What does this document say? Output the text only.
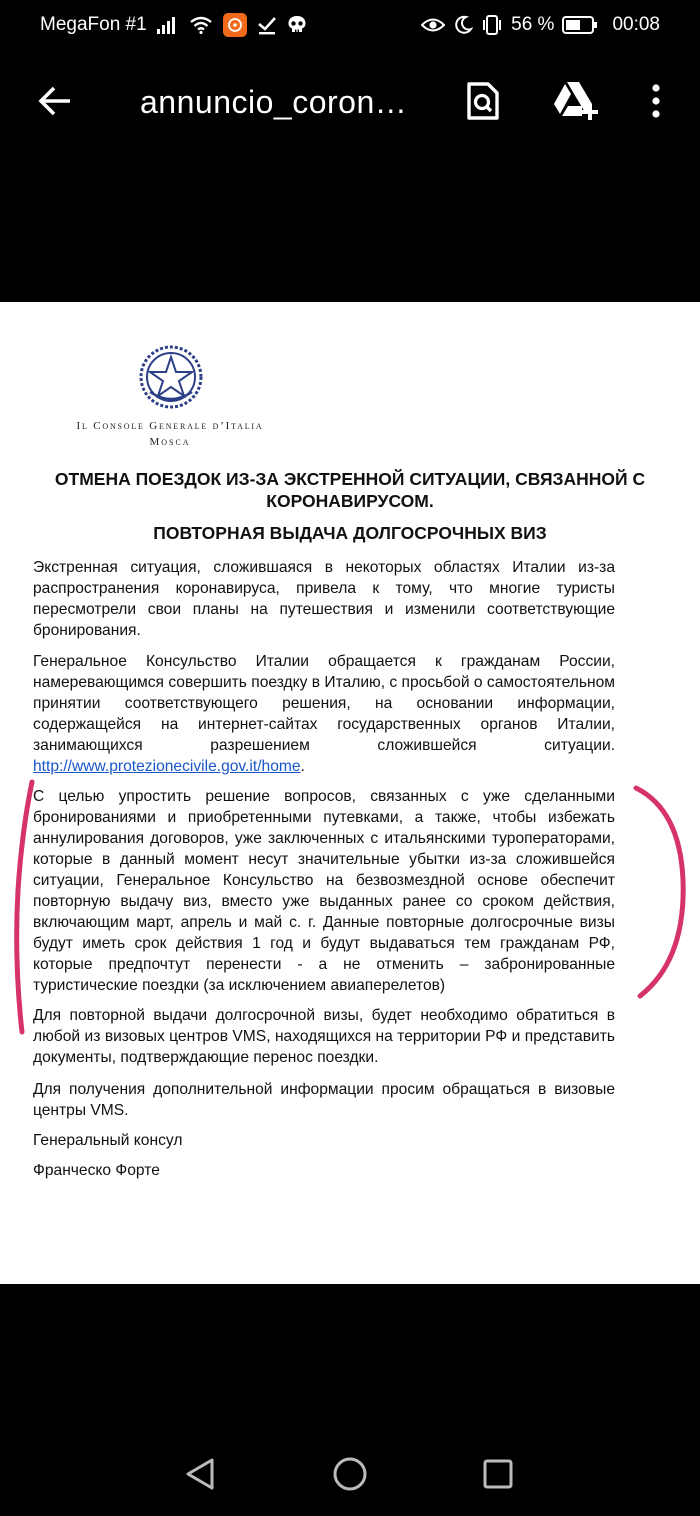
MegaFon #1	56 %	00:08
annuncio_coron…
Il Console Generale d’Italia
Mosca
ОТМЕНА ПОЕЗДОК ИЗ-ЗА ЭКСТРЕННОЙ СИТУАЦИИ, СВЯЗАННОЙ С КОРОНАВИРУСОМ.
ПОВТОРНАЯ ВЫДАЧА ДОЛГОСРОЧНЫХ ВИЗ
Экстренная ситуация, сложившаяся в некоторых областях Италии из-за распространения коронавируса, привела к тому, что многие туристы пересмотрели свои планы на путешествия и изменили соответствующие бронирования.
Генеральное Консульство Италии обращается к гражданам России, намеревающимся совершить поездку в Италию, с просьбой о самостоятельном принятии соответствующего решения, на основании информации, содержащейся на интернет-сайтах государственных органов Италии, занимающихся разрешением сложившейся ситуации. http://www.protezionecivile.gov.it/home.
С целью упростить решение вопросов, связанных с уже сделанными бронированиями и приобретенными путевками, а также, чтобы избежать аннулирования договоров, уже заключенных с итальянскими туроператорами, которые в данный момент несут значительные убытки из-за сложившейся ситуации, Генеральное Консульство на безвозмездной основе обеспечит повторную выдачу виз, вместо уже выданных ранее со сроком действия, включающим март, апрель и май с. г. Данные повторные долгосрочные визы будут иметь срок действия 1 год и будут выдаваться тем гражданам РФ, которые предпочтут перенести - а не отменить – забронированные туристические поездки (за исключением авиаперелетов)
Для повторной выдачи долгосрочной визы, будет необходимо обратиться в любой из визовых центров VMS, находящихся на территории РФ и представить документы, подтверждающие перенос поездки.
Для получения дополнительной информации просим обращаться в визовые центры VMS.
Генеральный консул
Франческо Форте
